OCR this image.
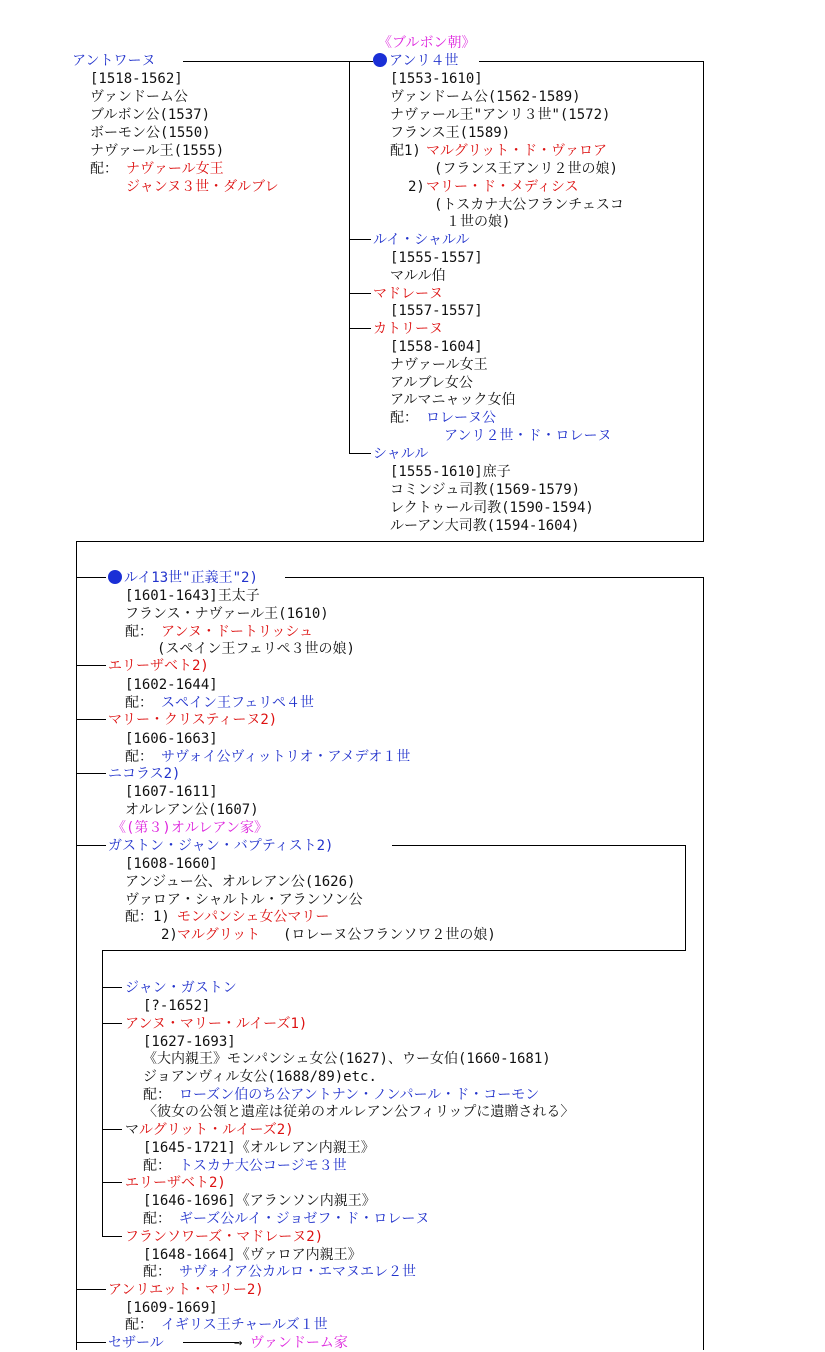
アントワーヌ
[1518-1562]
ヴァンドーム公
ブルボン公(1537)
ボーモン公(1550)
ナヴァール王(1555)
配： ナヴァール女王
ジャンヌ３世・ダルブレ
《ブルボン朝》
アンリ４世
[1553-1610]
ヴァンドーム公(1562-1589)
ナヴァール王"アンリ３世"(1572)
フランス王(1589)
配1) マルグリット・ド・ヴァロア
(フランス王アンリ２世の娘)
2) マリー・ド・メディシス
(トスカナ大公フランチェスコ
１世の娘)
ルイ・シャルル
[1555-1557]
マルル伯
マドレーヌ
[1557-1557]
カトリーヌ
[1558-1604]
ナヴァール女王
アルブレ女公
アルマニャック女伯
配： ロレーヌ公
アンリ２世・ド・ロレーヌ
シャルル
[1555-1610]庶子
コミンジュ司教(1569-1579)
レクトゥール司教(1590-1594)
ルーアン大司教(1594-1604)
ルイ13世"正義王"2)
[1601-1643]王太子
フランス・ナヴァール王(1610)
配： アンヌ・ドートリッシュ
(スペイン王フェリペ３世の娘)
エリーザベト2)
[1602-1644]
配： スペイン王フェリペ４世
マリー・クリスティーヌ2)
[1606-1663]
配： サヴォイ公ヴィットリオ・アメデオ１世
ニコラス2)
[1607-1611]
オルレアン公(1607)
《(第３)オルレアン家》
ガストン・ジャン・バプティスト2)
[1608-1660]
アンジュー公、オルレアン公(1626)
ヴァロア・シャルトル・アランソン公
配：1) モンパンシェ女公マリー
2) マルグリット (ロレーヌ公フランソワ２世の娘)
ジャン・ガストン
[?-1652]
アンヌ・マリー・ルイーズ1)
[1627-1693]
《大内親王》モンパンシェ女公(1627)、ウー女伯(1660-1681)
ジョアンヴィル女公(1688/89)etc.
配： ローズン伯のち公アントナン・ノンパール・ド・コーモン
〈彼女の公領と遺産は従弟のオルレアン公フィリップに遺贈される〉
マルグリット・ルイーズ2)
[1645-1721]《オルレアン内親王》
配： トスカナ大公コージモ３世
エリーザベト2)
[1646-1696]《アランソン内親王》
配： ギーズ公ルイ・ジョゼフ・ド・ロレーヌ
フランソワーズ・マドレーヌ2)
[1648-1664]《ヴァロア内親王》
配： サヴォイア公カルロ・エマヌエレ２世
アンリエット・マリー2)
[1609-1669]
配： イギリス王チャールズ１世
セザール	→ ヴァンドーム家
